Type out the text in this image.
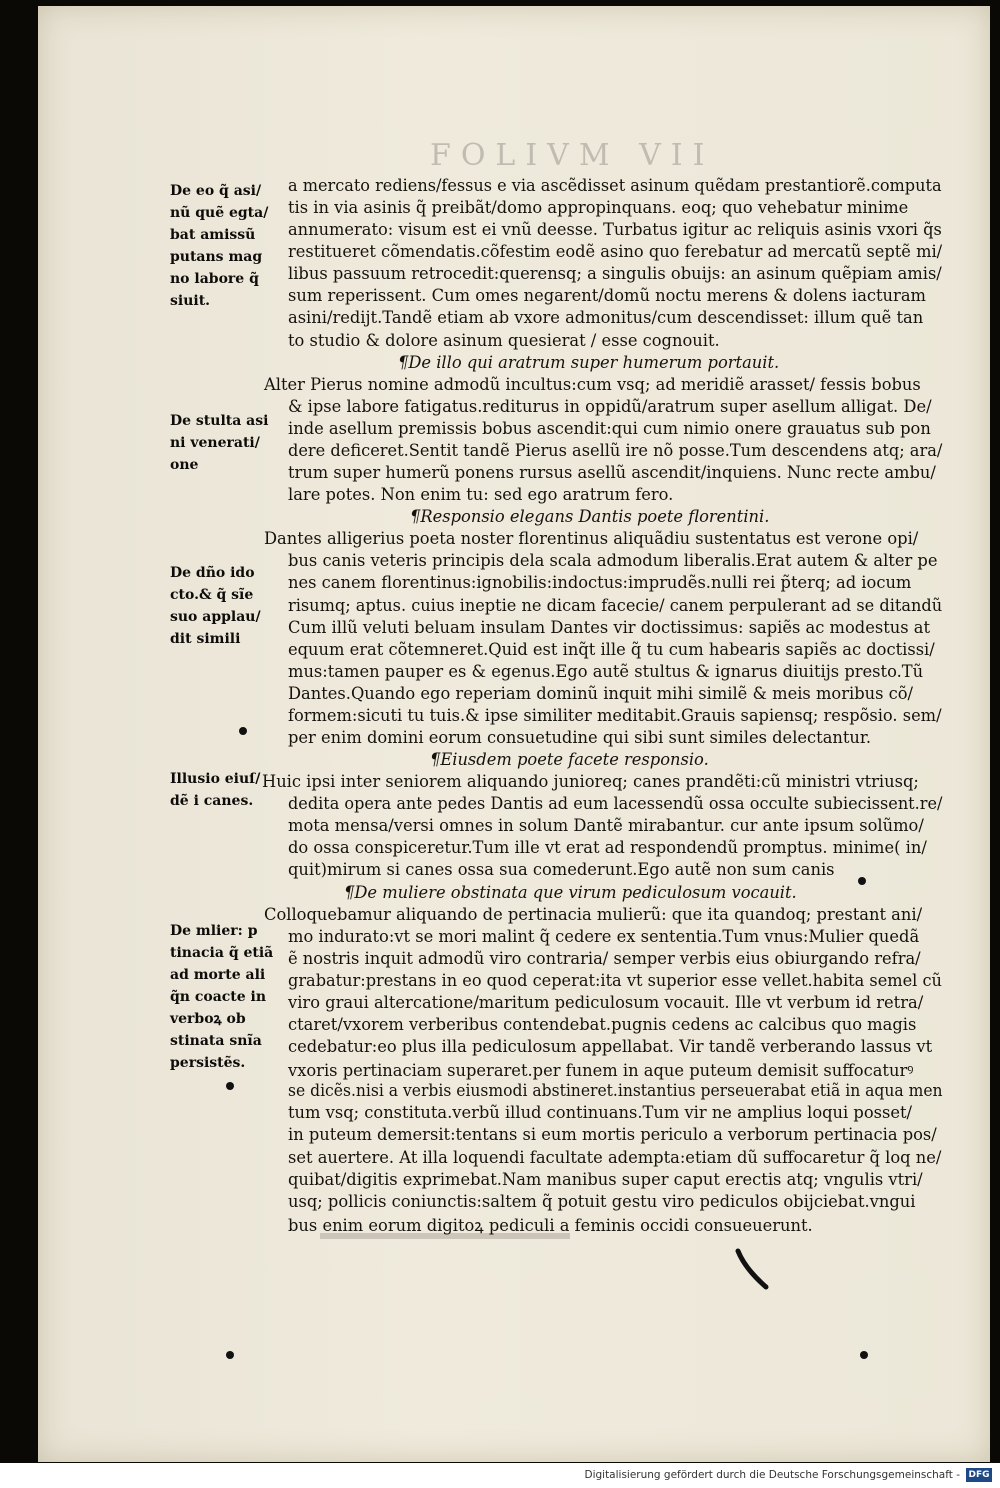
FOLIVM VII
De eo q̃ asi/
nũ quẽ egta/
bat amissũ
putans mag
no labore q̃
siuit.
De stulta asi
ni venerati/
one
De dño ido
cto.& q̃ sĩe
suo applau/
dit simili
Illusio eiuſ/
dẽ i canes.
De mlier: p
tinacia q̃ etiã
ad morte ali
q̃n coacte in
verboꝝ ob
stinata snĩa
persistẽs.
a mercato rediens/fessus e via ascẽdisset asinum quẽdam prestantiorẽ.computa
tis in via asinis q̃ preibãt/domo appropinquans. eoq; quo vehebatur minime
annumerato: visum est ei vnũ deesse. Turbatus igitur ac reliquis asinis vxori q̃s
restitueret cõmendatis.cõfestim eodẽ asino quo ferebatur ad mercatũ septẽ mi/
libus passuum retrocedit:querensq; a singulis obuijs: an asinum quẽpiam amis/
sum reperissent. Cum omes negarent/domũ noctu merens & dolens iacturam
asini/redijt.Tandẽ etiam ab vxore admonitus/cum descendisset: illum quẽ tan
to studio & dolore asinum quesierat / esse cognouit.
¶De illo qui aratrum super humerum portauit.
Alter Pierus nomine admodũ incultus:cum vsq; ad meridiẽ arasset/ fessis bobus
& ipse labore fatigatus.rediturus in oppidũ/aratrum super asellum alligat. De/
inde asellum premissis bobus ascendit:qui cum nimio onere grauatus sub pon
dere deficeret.Sentit tandẽ Pierus asellũ ire nõ posse.Tum descendens atq; ara/
trum super humerũ ponens rursus asellũ ascendit/inquiens. Nunc recte ambu/
lare potes. Non enim tu: sed ego aratrum fero.
¶Responsio elegans Dantis poete florentini.
Dantes alligerius poeta noster florentinus aliquãdiu sustentatus est verone opi/
bus canis veteris principis dela scala admodum liberalis.Erat autem & alter pe
nes canem florentinus:ignobilis:indoctus:imprudẽs.nulli rei p̃terq; ad iocum
risumq; aptus. cuius ineptie ne dicam facecie/ canem perpulerant ad se ditandũ
Cum illũ veluti beluam insulam Dantes vir doctissimus: sapiẽs ac modestus at
equum erat cõtemneret.Quid est inq̃t ille q̃ tu cum habearis sapiẽs ac doctissi/
mus:tamen pauper es & egenus.Ego autẽ stultus & ignarus diuitijs presto.Tũ
Dantes.Quando ego reperiam dominũ inquit mihi similẽ & meis moribus cõ/
formem:sicuti tu tuis.& ipse similiter meditabit.Grauis sapiensq; respõsio. sem/
per enim domini eorum consuetudine qui sibi sunt similes delectantur.
¶Eiusdem poete facete responsio.
Huic ipsi inter seniorem aliquando junioreq; canes prandẽti:cũ ministri vtriusq;
dedita opera ante pedes Dantis ad eum lacessendũ ossa occulte subiecissent.re/
mota mensa/versi omnes in solum Dantẽ mirabantur. cur ante ipsum solũmo/
do ossa conspiceretur.Tum ille vt erat ad respondendũ promptus. minime( in/
quit)mirum si canes ossa sua comederunt.Ego autẽ non sum canis
¶De muliere obstinata que virum pediculosum vocauit.
Colloquebamur aliquando de pertinacia mulierũ: que ita quandoq; prestant ani/
mo indurato:vt se mori malint q̃ cedere ex sententia.Tum vnus:Mulier quedã
ẽ nostris inquit admodũ viro contraria/ semper verbis eius obiurgando refra/
grabatur:prestans in eo quod ceperat:ita vt superior esse vellet.habita semel cũ
viro graui altercatione/maritum pediculosum vocauit. Ille vt verbum id retra/
ctaret/vxorem verberibus contendebat.pugnis cedens ac calcibus quo magis
cedebatur:eo plus illa pediculosum appellabat. Vir tandẽ verberando lassus vt
vxoris pertinaciam superaret.per funem in aque puteum demisit suffocaturꝰ
se dicẽs.nisi a verbis eiusmodi abstineret.instantius perseuerabat etiã in aqua men
tum vsq; constituta.verbũ illud continuans.Tum vir ne amplius loqui posset/
in puteum demersit:tentans si eum mortis periculo a verborum pertinacia pos/
set auertere. At illa loquendi facultate adempta:etiam dũ suffocaretur q̃ loq ne/
quibat/digitis exprimebat.Nam manibus super caput erectis atq; vngulis vtri/
usq; pollicis coniunctis:saltem q̃ potuit gestu viro pediculos obijciebat.vngui
bus enim eorum digitoꝝ pediculi a feminis occidi consueuerunt.
Digitalisierung gefördert durch die Deutsche Forschungsgemeinschaft - DFG
